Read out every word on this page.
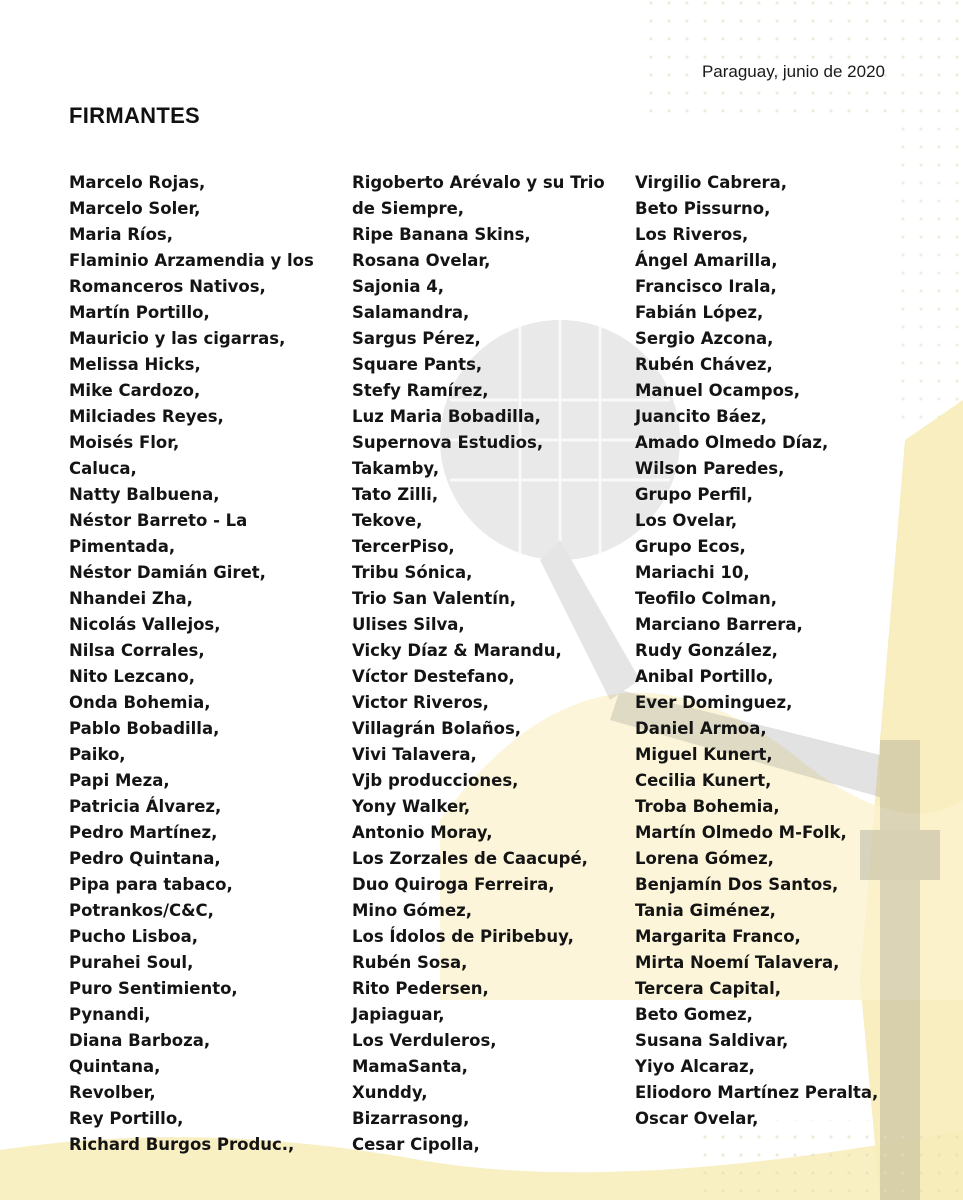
Paraguay, junio de 2020
FIRMANTES
Marcelo Rojas,
Marcelo Soler,
Maria Ríos,
Flaminio Arzamendia y los Romanceros Nativos,
Martín Portillo,
Mauricio y las cigarras,
Melissa Hicks,
Mike Cardozo,
Milciades Reyes,
Moisés Flor,
Caluca,
Natty Balbuena,
Néstor Barreto - La Pimentada,
Néstor Damián Giret,
Nhandei Zha,
Nicolás Vallejos,
Nilsa Corrales,
Nito Lezcano,
Onda Bohemia,
Pablo Bobadilla,
Paiko,
Papi Meza,
Patricia Álvarez,
Pedro Martínez,
Pedro Quintana,
Pipa para tabaco,
Potrankos/C&C,
Pucho Lisboa,
Purahei Soul,
Puro Sentimiento,
Pynandi,
Diana Barboza,
Quintana,
Revolber,
Rey Portillo,
Richard Burgos Produc.,
Rigoberto Arévalo y su Trio de Siempre,
Ripe Banana Skins,
Rosana Ovelar,
Sajonia 4,
Salamandra,
Sargus Pérez,
Square Pants,
Stefy Ramírez,
Luz Maria Bobadilla,
Supernova Estudios,
Takamby,
Tato Zilli,
Tekove,
TercerPiso,
Tribu Sónica,
Trio San Valentín,
Ulises Silva,
Vicky Díaz & Marandu,
Víctor Destefano,
Victor Riveros,
Villagrán Bolaños,
Vivi Talavera,
Vjb producciones,
Yony Walker,
Antonio Moray,
Los Zorzales de Caacupé,
Duo Quiroga Ferreira,
Mino Gómez,
Los Ídolos de Piribebuy,
Rubén Sosa,
Rito Pedersen,
Japiaguar,
Los Verduleros,
MamaSanta,
Xunddy,
Bizarrasong,
Cesar Cipolla,
Virgilio Cabrera,
Beto Pissurno,
Los Riveros,
Ángel Amarilla,
Francisco Irala,
Fabián López,
Sergio Azcona,
Rubén Chávez,
Manuel Ocampos,
Juancito Báez,
Amado Olmedo Díaz,
Wilson Paredes,
Grupo Perfil,
Los Ovelar,
Grupo Ecos,
Mariachi 10,
Teofilo Colman,
Marciano Barrera,
Rudy González,
Anibal Portillo,
Ever Dominguez,
Daniel Armoa,
Miguel Kunert,
Cecilia Kunert,
Troba Bohemia,
Martín Olmedo M-Folk,
Lorena Gómez,
Benjamín Dos Santos,
Tania Giménez,
Margarita Franco,
Mirta Noemí Talavera,
Tercera Capital,
Beto Gomez,
Susana Saldivar,
Yiyo Alcaraz,
Eliodoro Martínez Peralta,
Oscar Ovelar,
